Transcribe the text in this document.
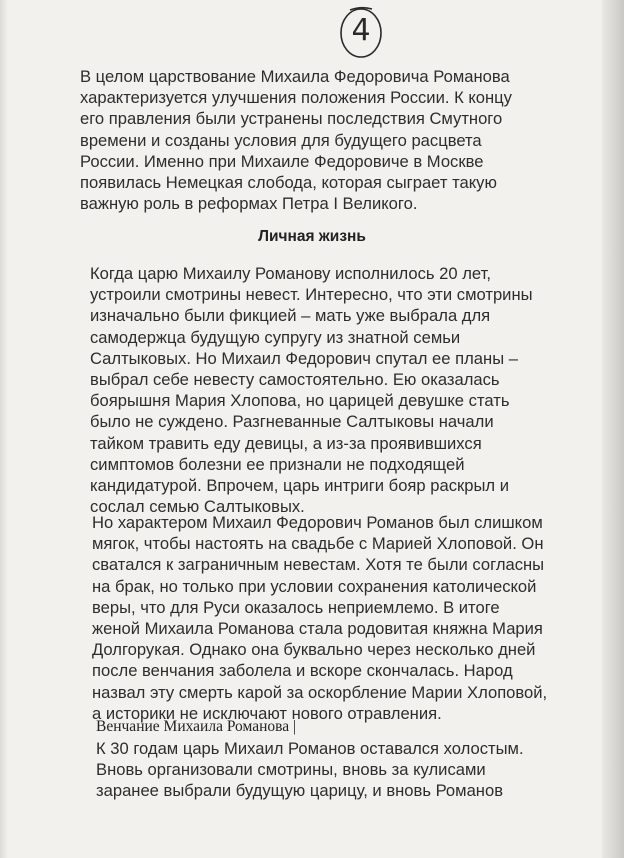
4

В целом царствование Михаила Федоровича Романова
характеризуется улучшения положения России. К концу
его правления были устранены последствия Смутного
времени и созданы условия для будущего расцвета
России. Именно при Михаиле Федоровиче в Москве
появилась Немецкая слобода, которая сыграет такую
важную роль в реформах Петра I Великого.

Личная жизнь

Когда царю Михаилу Романову исполнилось 20 лет,
устроили смотрины невест. Интересно, что эти смотрины
изначально были фикцией – мать уже выбрала для
самодержца будущую супругу из знатной семьи
Салтыковых. Но Михаил Федорович спутал ее планы –
выбрал себе невесту самостоятельно. Ею оказалась
боярышня Мария Хлопова, но царицей девушке стать
было не суждено. Разгневанные Салтыковы начали
тайком травить еду девицы, а из-за проявившихся
симптомов болезни ее признали не подходящей
кандидатурой. Впрочем, царь интриги бояр раскрыл и
сослал семью Салтыковых.

Но характером Михаил Федорович Романов был слишком
мягок, чтобы настоять на свадьбе с Марией Хлоповой. Он
сватался к заграничным невестам. Хотя те были согласны
на брак, но только при условии сохранения католической
веры, что для Руси оказалось неприемлемо. В итоге
женой Михаила Романова стала родовитая княжна Мария
Долгорукая. Однако она буквально через несколько дней
после венчания заболела и вскоре скончалась. Народ
назвал эту смерть карой за оскорбление Марии Хлоповой,
а историки не исключают нового отравления.

Венчание Михаила Романова |

К 30 годам царь Михаил Романов оставался холостым.
Вновь организовали смотрины, вновь за кулисами
заранее выбрали будущую царицу, и вновь Романов
